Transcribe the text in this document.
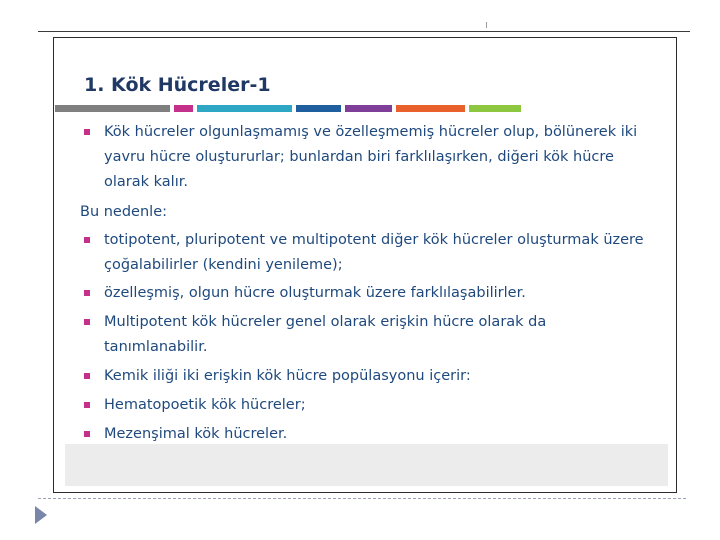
1. Kök Hücreler-1
Kök hücreler olgunlaşmamış ve özelleşmemiş hücreler olup, bölünerek iki yavru hücre oluştururlar; bunlardan biri farklılaşırken, diğeri kök hücre olarak kalır.
Bu nedenle:
totipotent, pluripotent ve multipotent diğer kök hücreler oluşturmak üzere çoğalabilirler (kendini yenileme);
özelleşmiş, olgun hücre oluşturmak üzere farklılaşabilirler.
Multipotent kök hücreler genel olarak erişkin hücre olarak da tanımlanabilir.
Kemik iliği iki erişkin kök hücre popülasyonu içerir:
Hematopoetik kök hücreler;
Mezenşimal kök hücreler.
